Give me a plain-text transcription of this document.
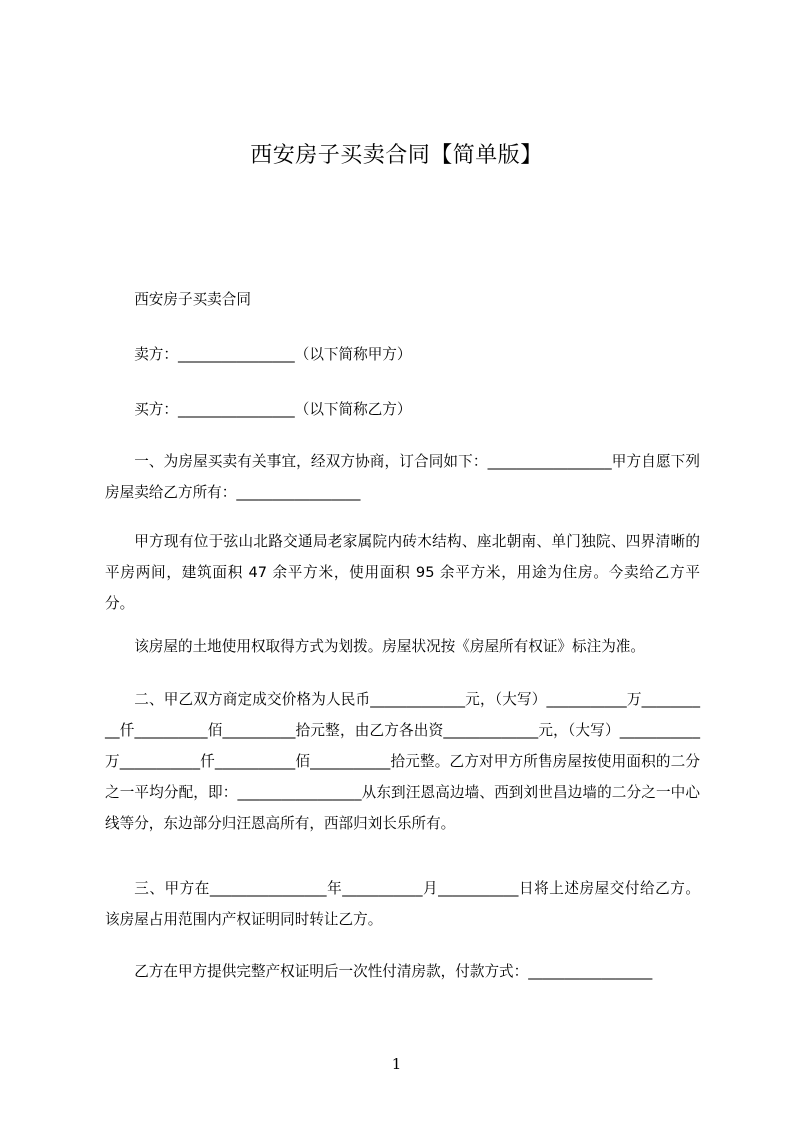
西安房子买卖合同【简单版】
西安房子买卖合同
卖方：________________（以下简称甲方）
买方：________________（以下简称乙方）
一、为房屋买卖有关事宜，经双方协商，订合同如下：_________________甲方自愿下列房屋卖给乙方所有：_________________
甲方现有位于弦山北路交通局老家属院内砖木结构、座北朝南、单门独院、四界清晰的平房两间，建筑面积 47 余平方米，使用面积 95 余平方米，用途为住房。今卖给乙方平分。
该房屋的土地使用权取得方式为划拨。房屋状况按《房屋所有权证》标注为准。
二、甲乙双方商定成交价格为人民币_____________元，（大写）___________万__________仟__________佰__________拾元整，由乙方各出资_____________元，（大写）___________万___________仟___________佰___________拾元整。乙方对甲方所售房屋按使用面积的二分之一平均分配，即：_________________从东到汪恩高边墙、西到刘世昌边墙的二分之一中心线等分，东边部分归汪恩高所有，西部归刘长乐所有。
三、甲方在________________年___________月___________日将上述房屋交付给乙方。该房屋占用范围内产权证明同时转让乙方。
乙方在甲方提供完整产权证明后一次性付清房款，付款方式：_________________
1
